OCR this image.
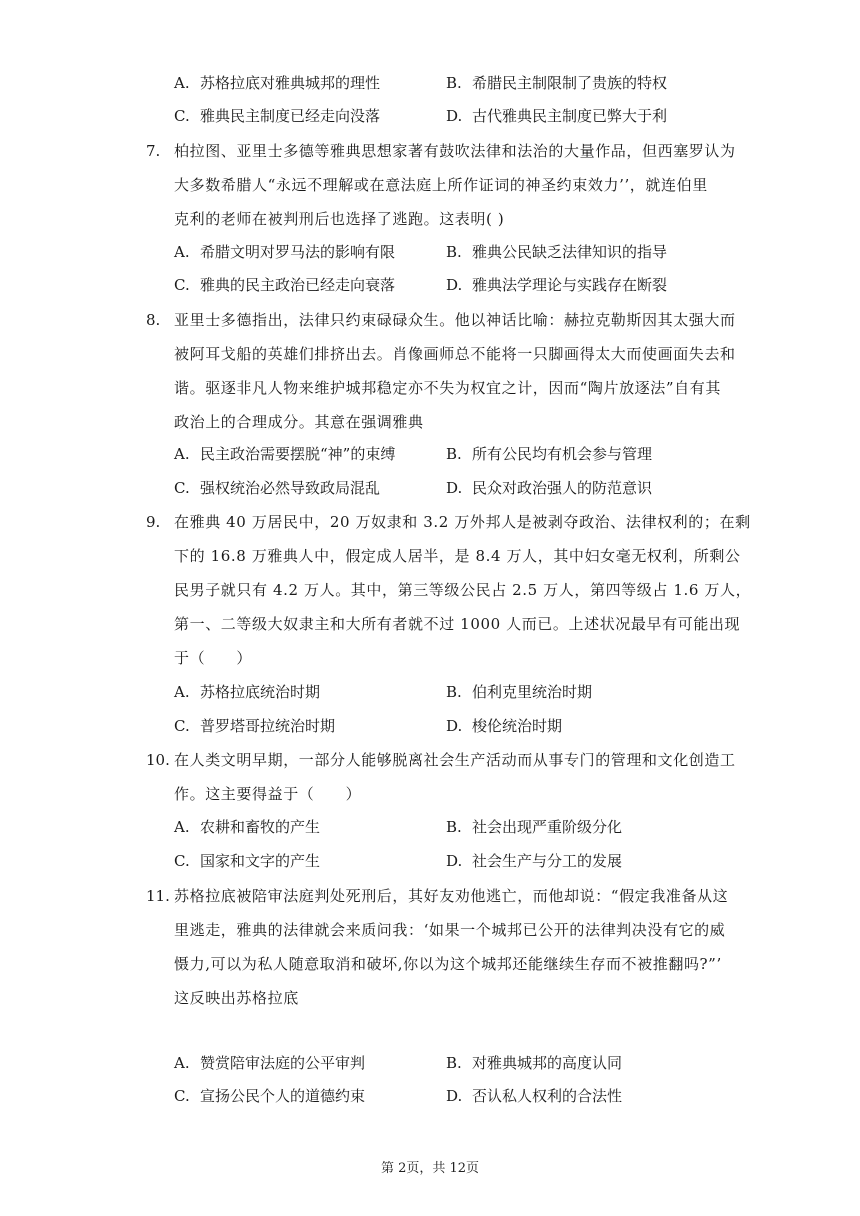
A. 苏格拉底对雅典城邦的理性	B. 希腊民主制限制了贵族的特权
C. 雅典民主制度已经走向没落	D. 古代雅典民主制度已弊大于利
7. 柏拉图、亚里士多德等雅典思想家著有鼓吹法律和法治的大量作品，但西塞罗认为
大多数希腊人“永远不理解或在意法庭上所作证词的神圣约束效力’’，就连伯里
克利的老师在被判刑后也选择了逃跑。这表明( )
A. 希腊文明对罗马法的影响有限	B. 雅典公民缺乏法律知识的指导
C. 雅典的民主政治已经走向衰落	D. 雅典法学理论与实践存在断裂
8. 亚里士多德指出，法律只约束碌碌众生。他以神话比喻：赫拉克勒斯因其太强大而
被阿耳戈船的英雄们排挤出去。肖像画师总不能将一只脚画得太大而使画面失去和
谐。驱逐非凡人物来维护城邦稳定亦不失为权宜之计，因而“陶片放逐法”自有其
政治上的合理成分。其意在强调雅典
A. 民主政治需要摆脱“神”的束缚	B. 所有公民均有机会参与管理
C. 强权统治必然导致政局混乱	D. 民众对政治强人的防范意识
9. 在雅典 40 万居民中，20 万奴隶和 3.2 万外邦人是被剥夺政治、法律权利的；在剩
下的 16.8 万雅典人中，假定成人居半，是 8.4 万人，其中妇女毫无权利，所剩公
民男子就只有 4.2 万人。其中，第三等级公民占 2.5 万人，第四等级占 1.6 万人，
第一、二等级大奴隶主和大所有者就不过 1000 人而已。上述状况最早有可能出现
于（　　）
A. 苏格拉底统治时期	B. 伯利克里统治时期
C. 普罗塔哥拉统治时期	D. 梭伦统治时期
10. 在人类文明早期，一部分人能够脱离社会生产活动而从事专门的管理和文化创造工
作。这主要得益于（　　）
A. 农耕和畜牧的产生	B. 社会出现严重阶级分化
C. 国家和文字的产生	D. 社会生产与分工的发展
11. 苏格拉底被陪审法庭判处死刑后，其好友劝他逃亡，而他却说：“假定我准备从这
里逃走，雅典的法律就会来质问我：‘如果一个城邦已公开的法律判决没有它的威
慑力,可以为私人随意取消和破坏,你以为这个城邦还能继续生存而不被推翻吗?”’
这反映出苏格拉底
A. 赞赏陪审法庭的公平审判	B. 对雅典城邦的高度认同
C. 宣扬公民个人的道德约束	D. 否认私人权利的合法性
第 2页，共 12页
